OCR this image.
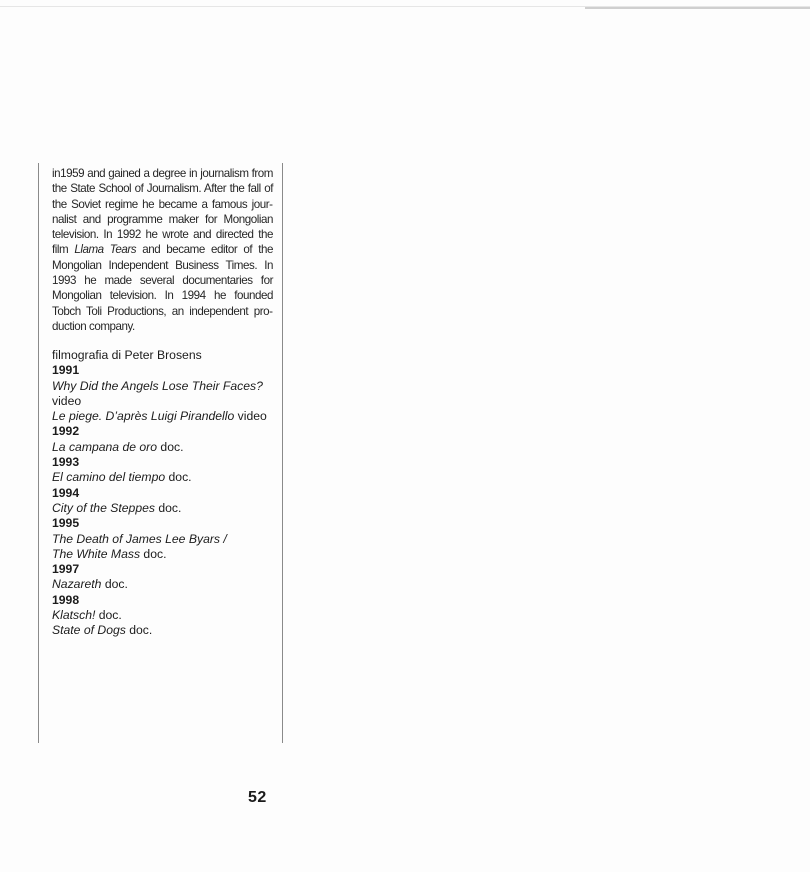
in1959 and gained a degree in journalism from the State School of Journalism. After the fall of the Soviet regime he became a famous journalist and programme maker for Mongolian television. In 1992 he wrote and directed the film Llama Tears and became editor of the Mongolian Independent Business Times. In 1993 he made several documentaries for Mongolian television. In 1994 he founded Tobch Toli Productions, an independent production company.

filmografia di Peter Brosens
1991
Why Did the Angels Lose Their Faces?
video
Le piege. D’après Luigi Pirandello video
1992
La campana de oro doc.
1993
El camino del tiempo doc.
1994
City of the Steppes doc.
1995
The Death of James Lee Byars /
The White Mass doc.
1997
Nazareth doc.
1998
Klatsch! doc.
State of Dogs doc.
52
